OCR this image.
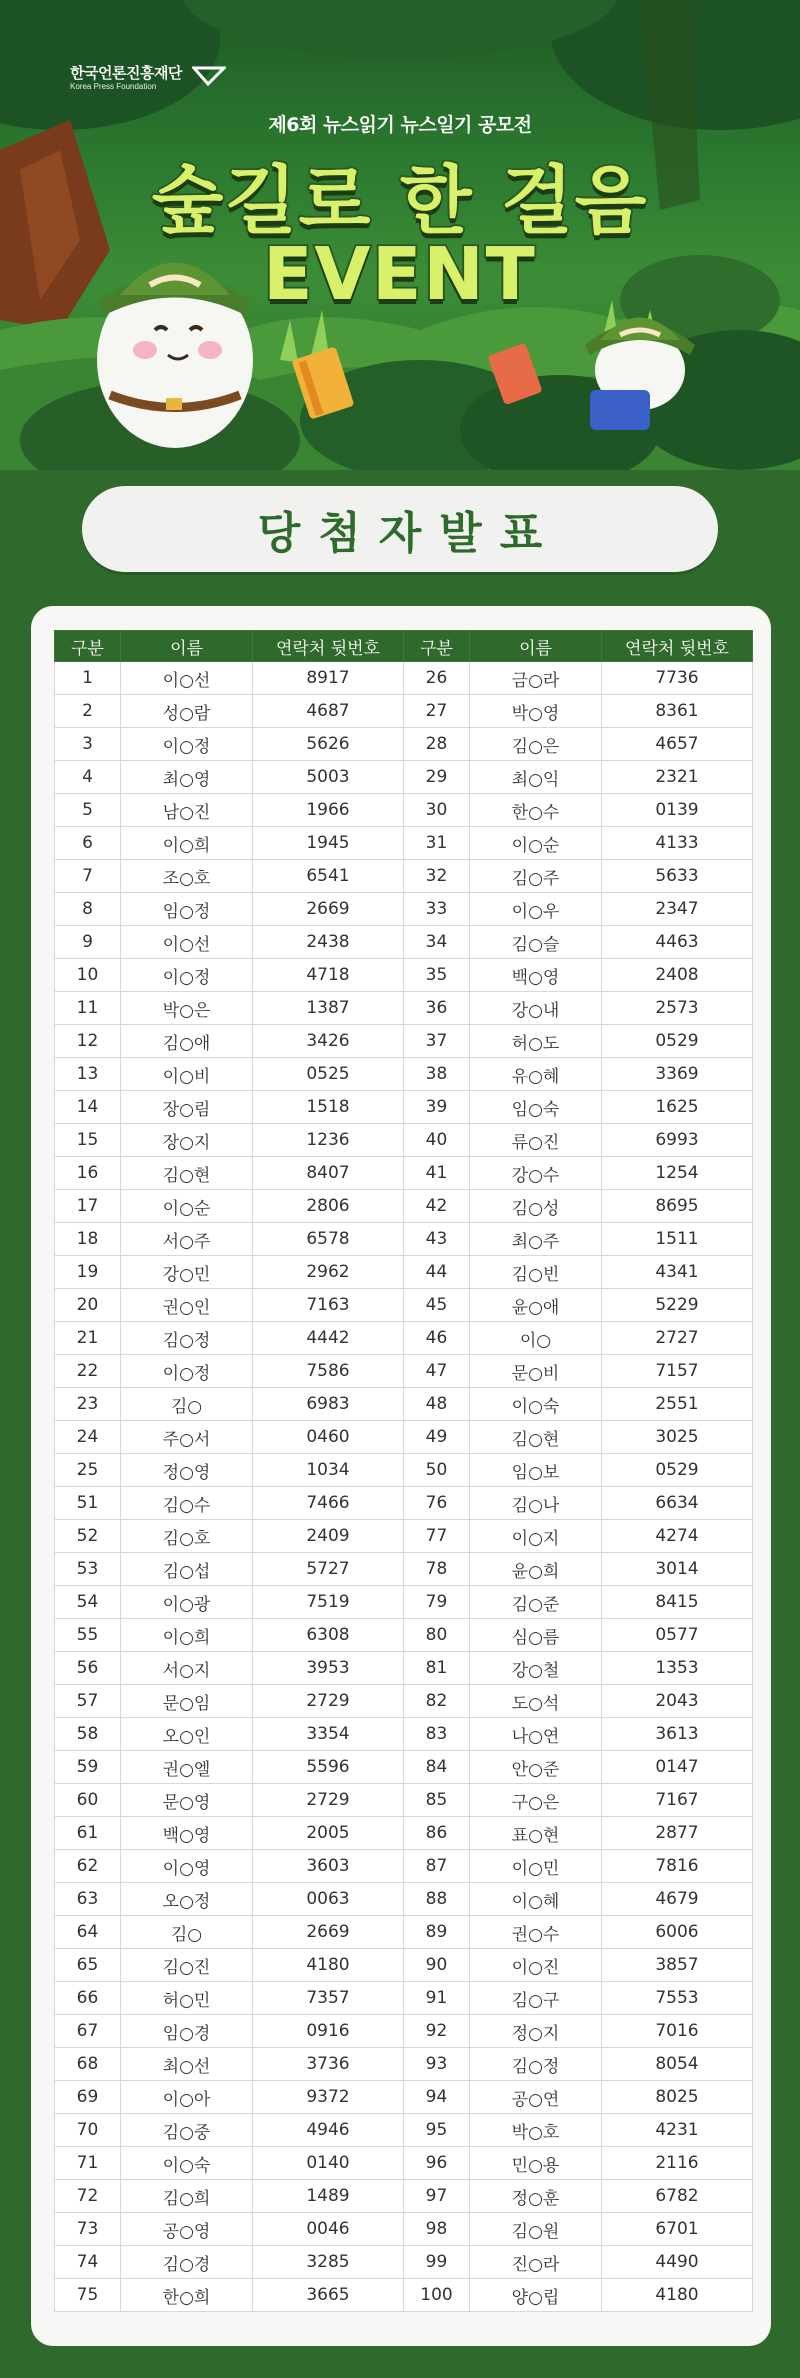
한국언론진흥재단
Korea Press Foundation
제6회 뉴스읽기 뉴스일기 공모전
숲길로 한 걸음
EVENT
당첨자발표
구분	이름	연락처 뒷번호	구분	이름	연락처 뒷번호
1	이○선	8917	26	금○라	7736
2	성○람	4687	27	박○영	8361
3	이○정	5626	28	김○은	4657
4	최○영	5003	29	최○익	2321
5	남○진	1966	30	한○수	0139
6	이○희	1945	31	이○순	4133
7	조○호	6541	32	김○주	5633
8	임○정	2669	33	이○우	2347
9	이○선	2438	34	김○슬	4463
10	이○정	4718	35	백○영	2408
11	박○은	1387	36	강○내	2573
12	김○애	3426	37	허○도	0529
13	이○비	0525	38	유○혜	3369
14	장○림	1518	39	임○숙	1625
15	장○지	1236	40	류○진	6993
16	김○현	8407	41	강○수	1254
17	이○순	2806	42	김○성	8695
18	서○주	6578	43	최○주	1511
19	강○민	2962	44	김○빈	4341
20	권○인	7163	45	윤○애	5229
21	김○정	4442	46	이○	2727
22	이○정	7586	47	문○비	7157
23	김○	6983	48	이○숙	2551
24	주○서	0460	49	김○현	3025
25	정○영	1034	50	임○보	0529
51	김○수	7466	76	김○나	6634
52	김○호	2409	77	이○지	4274
53	김○섭	5727	78	윤○희	3014
54	이○광	7519	79	김○준	8415
55	이○희	6308	80	심○름	0577
56	서○지	3953	81	강○철	1353
57	문○임	2729	82	도○석	2043
58	오○인	3354	83	나○연	3613
59	권○엘	5596	84	안○준	0147
60	문○영	2729	85	구○은	7167
61	백○영	2005	86	표○현	2877
62	이○영	3603	87	이○민	7816
63	오○정	0063	88	이○혜	4679
64	김○	2669	89	권○수	6006
65	김○진	4180	90	이○진	3857
66	허○민	7357	91	김○구	7553
67	임○경	0916	92	정○지	7016
68	최○선	3736	93	김○정	8054
69	이○아	9372	94	공○연	8025
70	김○중	4946	95	박○호	4231
71	이○숙	0140	96	민○용	2116
72	김○희	1489	97	정○훈	6782
73	공○영	0046	98	김○원	6701
74	김○경	3285	99	진○라	4490
75	한○희	3665	100	양○립	4180
